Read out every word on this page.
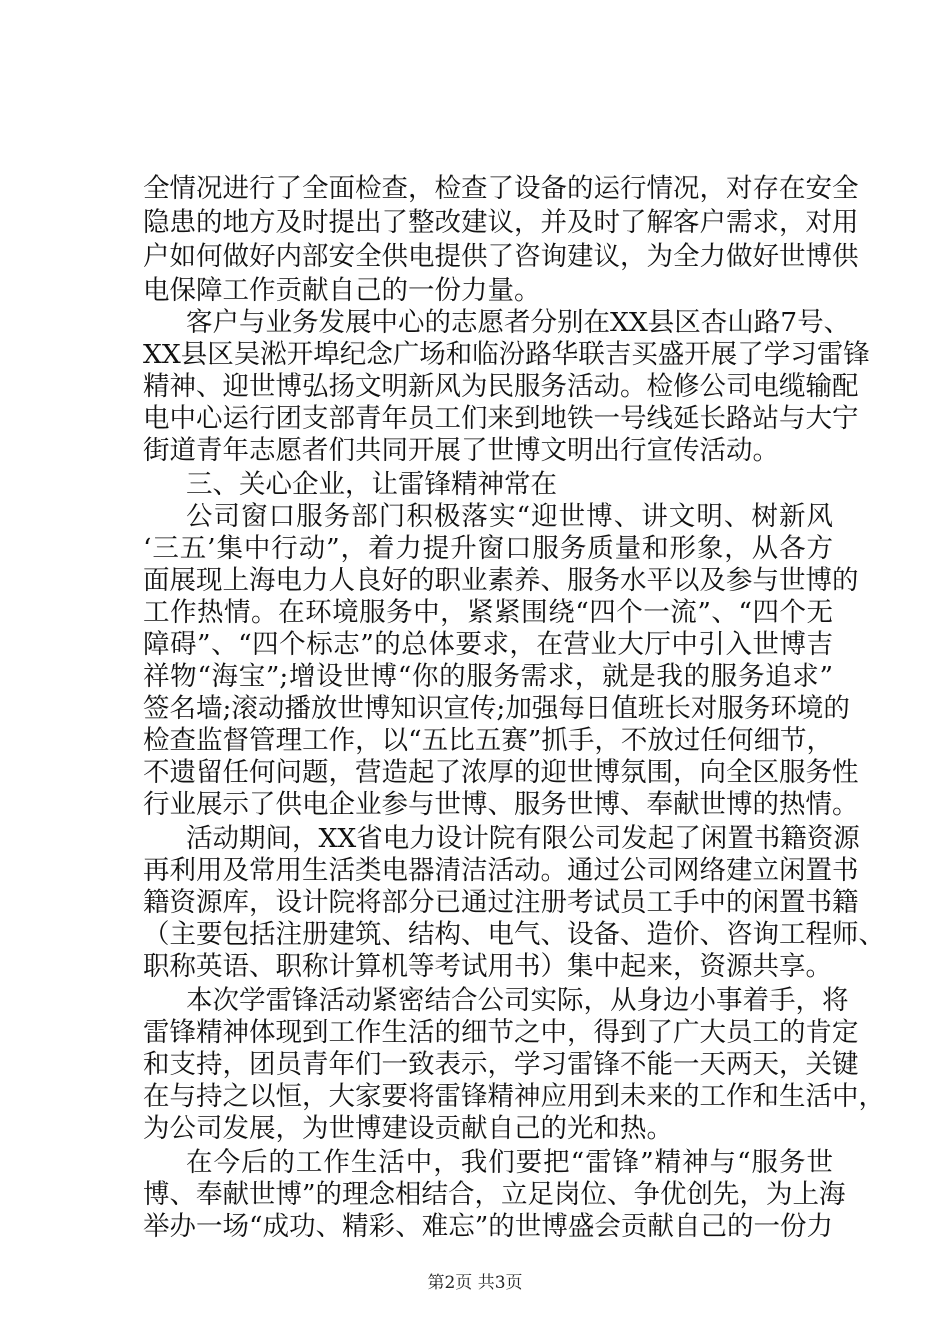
全情况进行了全面检查，检查了设备的运行情况，对存在安全
隐患的地方及时提出了整改建议，并及时了解客户需求，对用
户如何做好内部安全供电提供了咨询建议，为全力做好世博供
电保障工作贡献自己的一份力量。
客户与业务发展中心的志愿者分别在XX县区杏山路7号、
XX县区吴淞开埠纪念广场和临汾路华联吉买盛开展了学习雷锋
精神、迎世博弘扬文明新风为民服务活动。检修公司电缆输配
电中心运行团支部青年员工们来到地铁一号线延长路站与大宁
街道青年志愿者们共同开展了世博文明出行宣传活动。
三、关心企业，让雷锋精神常在
公司窗口服务部门积极落实“迎世博、讲文明、树新风
‘三五’集中行动”，着力提升窗口服务质量和形象，从各方
面展现上海电力人良好的职业素养、服务水平以及参与世博的
工作热情。在环境服务中，紧紧围绕“四个一流”、“四个无
障碍”、“四个标志”的总体要求，在营业大厅中引入世博吉
祥物“海宝”;增设世博“你的服务需求，就是我的服务追求”
签名墙;滚动播放世博知识宣传;加强每日值班长对服务环境的
检查监督管理工作，以“五比五赛”抓手，不放过任何细节，
不遗留任何问题，营造起了浓厚的迎世博氛围，向全区服务性
行业展示了供电企业参与世博、服务世博、奉献世博的热情。
活动期间，XX省电力设计院有限公司发起了闲置书籍资源
再利用及常用生活类电器清洁活动。通过公司网络建立闲置书
籍资源库，设计院将部分已通过注册考试员工手中的闲置书籍
（主要包括注册建筑、结构、电气、设备、造价、咨询工程师、
职称英语、职称计算机等考试用书）集中起来，资源共享。
本次学雷锋活动紧密结合公司实际，从身边小事着手，将
雷锋精神体现到工作生活的细节之中，得到了广大员工的肯定
和支持，团员青年们一致表示，学习雷锋不能一天两天，关键
在与持之以恒，大家要将雷锋精神应用到未来的工作和生活中，
为公司发展，为世博建设贡献自己的光和热。
在今后的工作生活中，我们要把“雷锋”精神与“服务世
博、奉献世博”的理念相结合，立足岗位、争优创先，为上海
举办一场“成功、精彩、难忘”的世博盛会贡献自己的一份力
第2页 共3页
